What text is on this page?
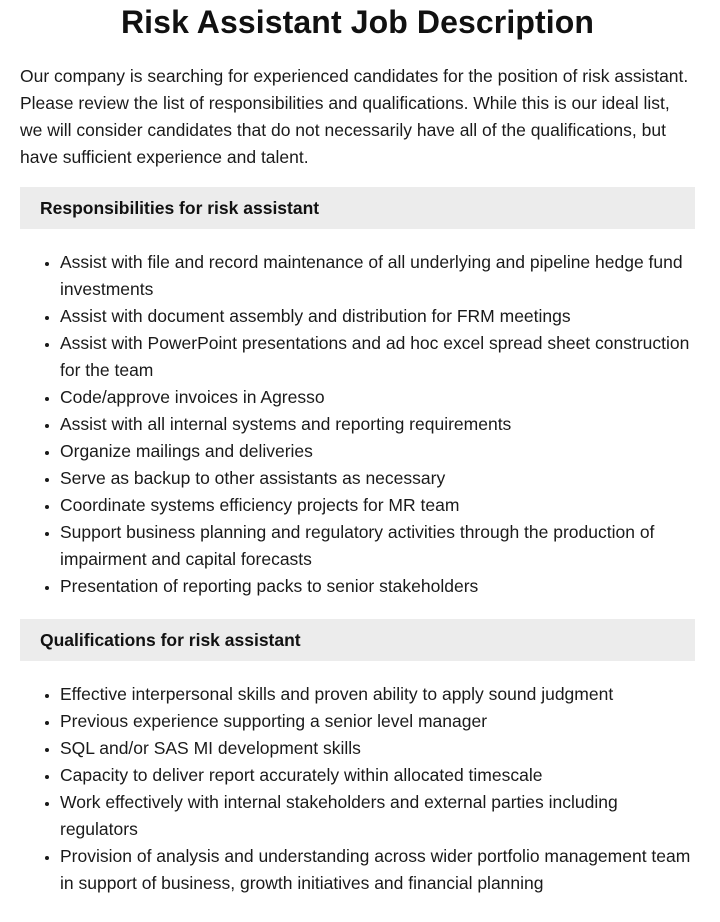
Risk Assistant Job Description

Our company is searching for experienced candidates for the position of risk assistant. Please review the list of responsibilities and qualifications. While this is our ideal list, we will consider candidates that do not necessarily have all of the qualifications, but have sufficient experience and talent.

Responsibilities for risk assistant
• Assist with file and record maintenance of all underlying and pipeline hedge fund investments
• Assist with document assembly and distribution for FRM meetings
• Assist with PowerPoint presentations and ad hoc excel spread sheet construction for the team
• Code/approve invoices in Agresso
• Assist with all internal systems and reporting requirements
• Organize mailings and deliveries
• Serve as backup to other assistants as necessary
• Coordinate systems efficiency projects for MR team
• Support business planning and regulatory activities through the production of impairment and capital forecasts
• Presentation of reporting packs to senior stakeholders
Qualifications for risk assistant
• Effective interpersonal skills and proven ability to apply sound judgment
• Previous experience supporting a senior level manager
• SQL and/or SAS MI development skills
• Capacity to deliver report accurately within allocated timescale
• Work effectively with internal stakeholders and external parties including regulators
• Provision of analysis and understanding across wider portfolio management team in support of business, growth initiatives and financial planning
